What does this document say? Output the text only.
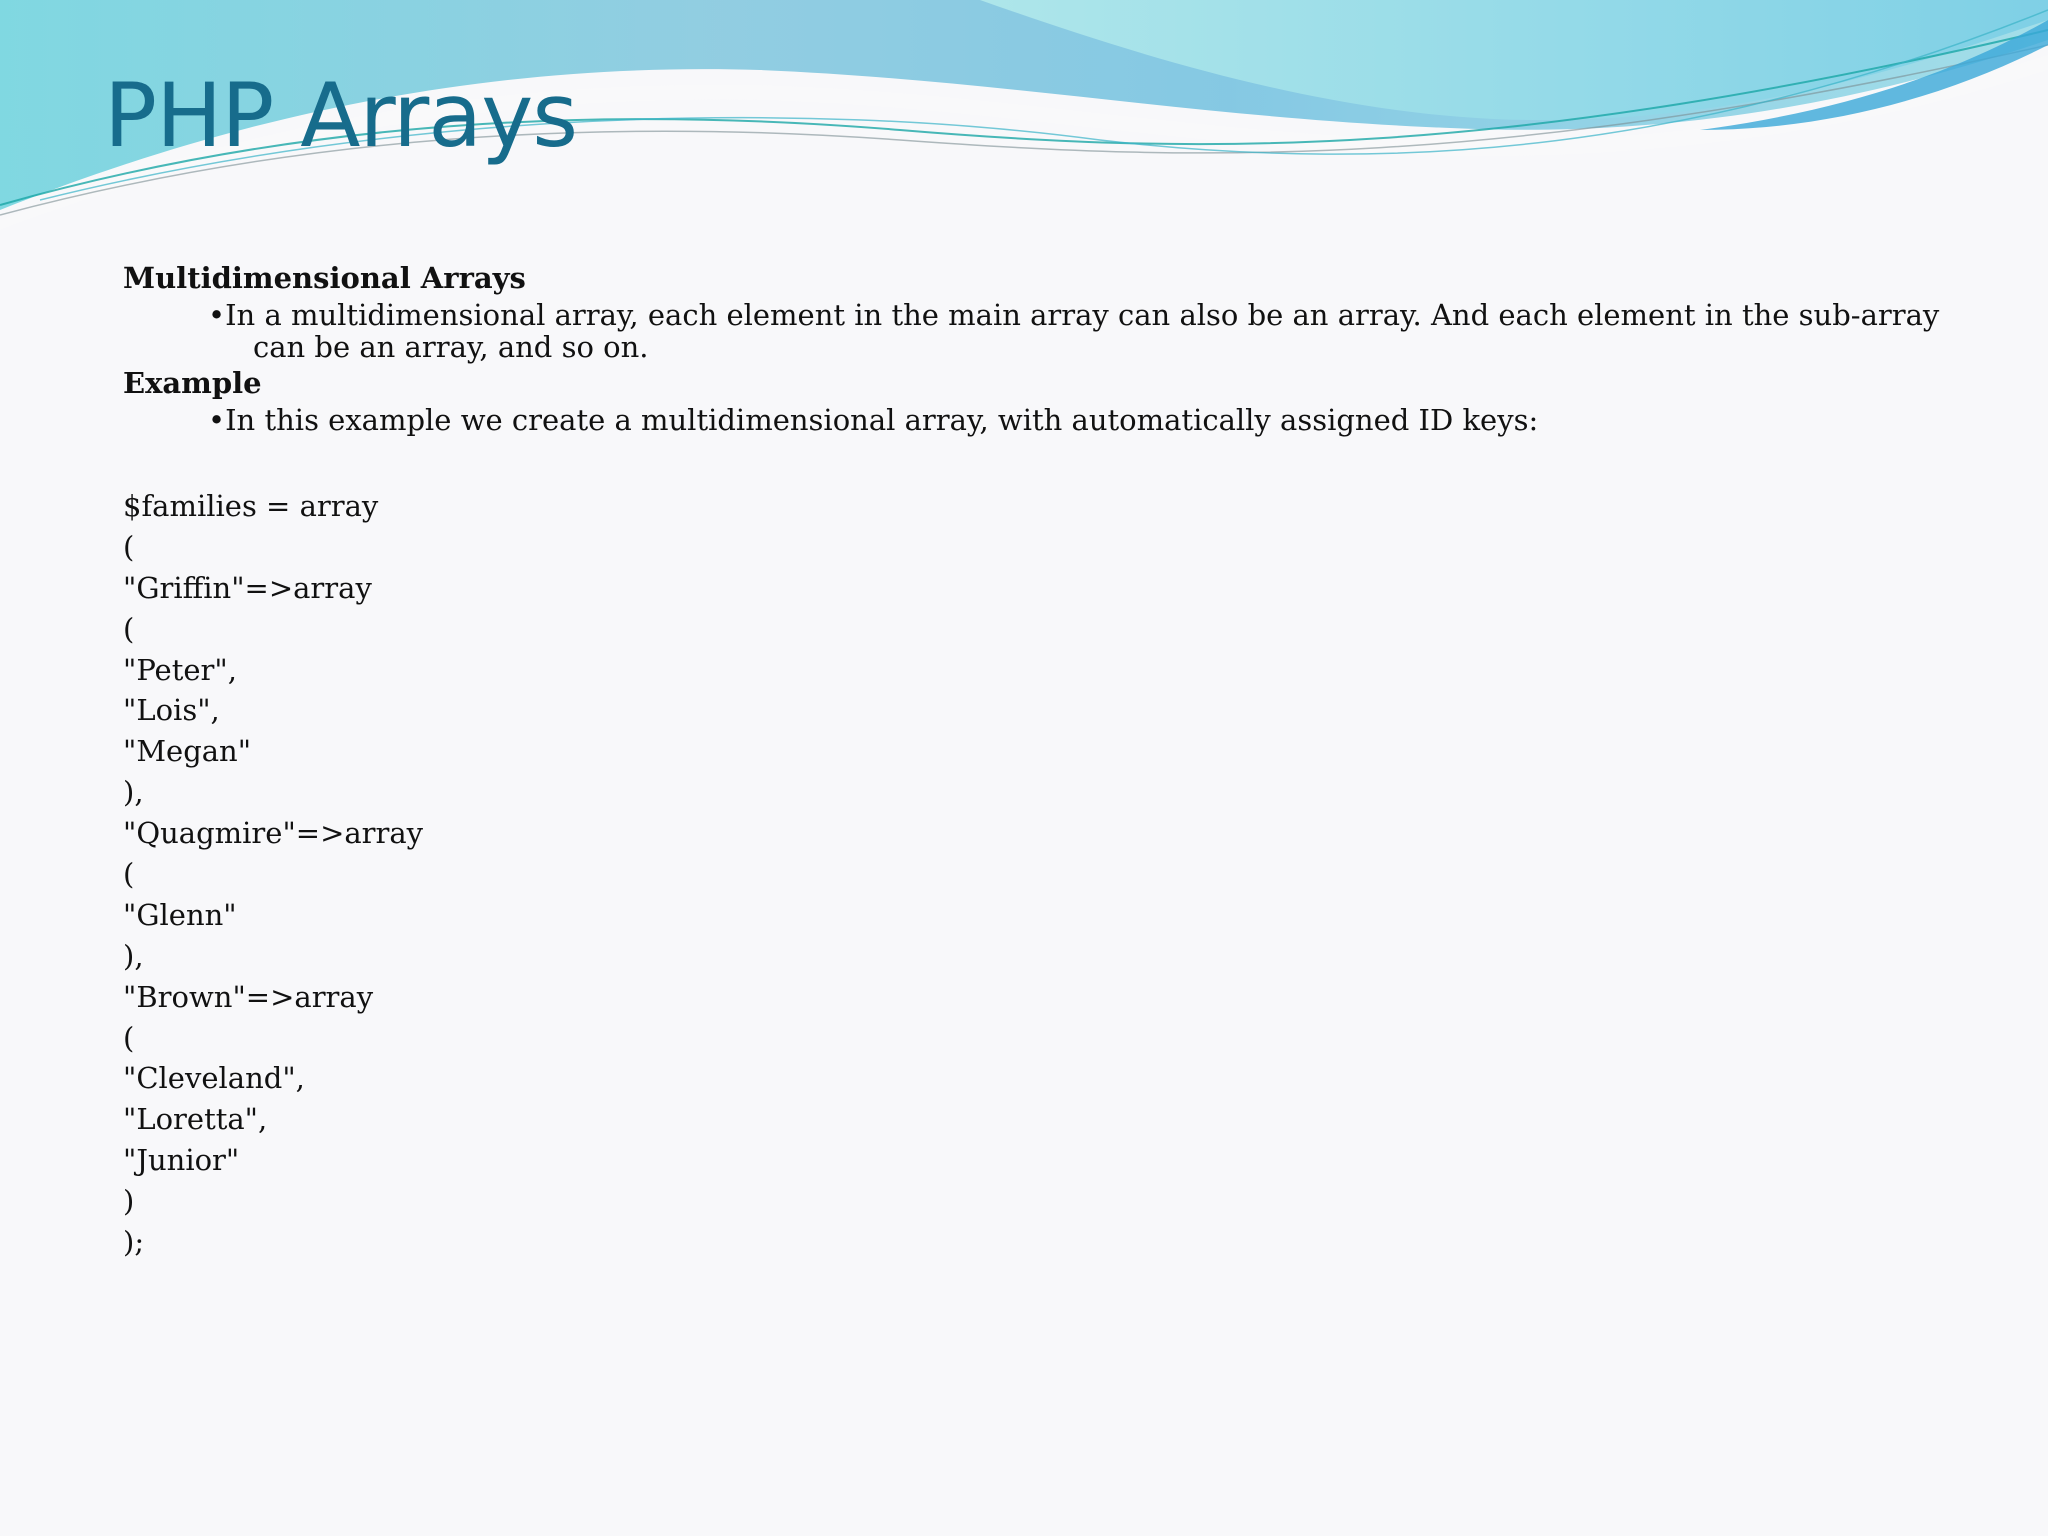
PHP Arrays

Multidimensional Arrays

•In a multidimensional array, each element in the main array can also be an array. And each element in the sub-array can be an array, and so on.

Example

•In this example we create a multidimensional array, with automatically assigned ID keys:

$families = array

(

"Griffin"=>array

(

"Peter",

"Lois",

"Megan"

),

"Quagmire"=>array

(

"Glenn"

),

"Brown"=>array

(

"Cleveland",

"Loretta",

"Junior"

)

);
